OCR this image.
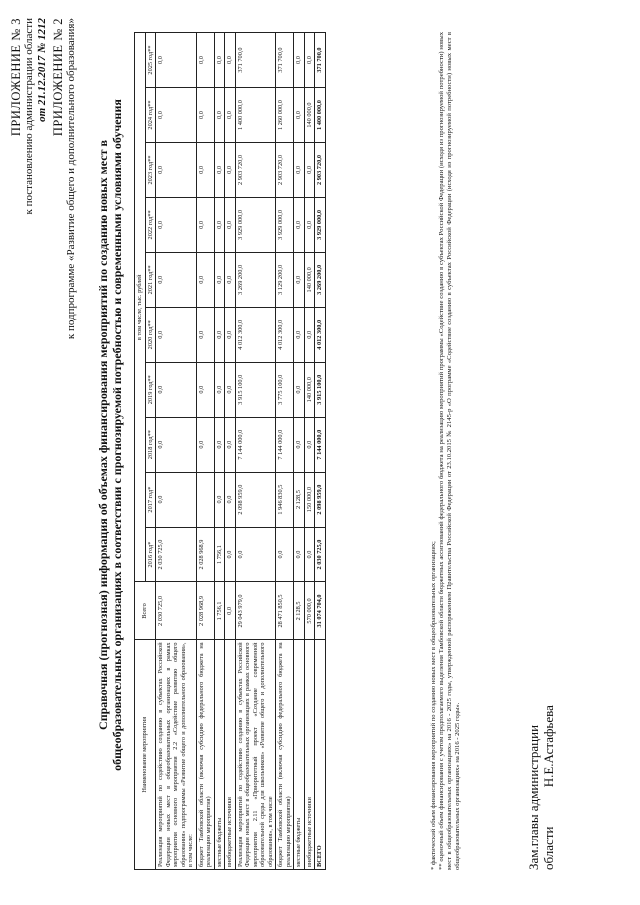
ПРИЛОЖЕНИЕ № 3 к постановлению администрации области от 21.12.2017 № 1212 ПРИЛОЖЕНИЕ № 2 к подпрограмме «Развитие общего и дополнительного образования» Справочная (прогнозная) информация об объемах финансирования мероприятий по созданию новых мест в общеобразовательных организациях в соответствии с прогнозируемой потребностью и современными условиями обучения	Наименование мероприятия	Всего	в том числе, тыс. рублей									
		2016 год*	2017 год*	2018 год**	2019 год**	2020 год**	2021 год**	2022 год**	2023 год**	2024 год**	2025 год**
Реализация мероприятий по содействию созданию в субъектах Российской Федерации новых мест в общеобразовательных организациях в рамках мероприятия основного мероприятия 2.2 «Содействие развитию общего образования» подпрограммы «Развитие общего и дополнительного образования», в том числе:	2 030 725,0	2 030 725,0	0,0	0,0	0,0	0,0	0,0	0,0	0,0	0,0	0,0
бюджет Тамбовской области (включая субсидию федерального бюджета на реализацию мероприятия)	2 028 968,9	2 028 968,9		0,0	0,0	0,0	0,0	0,0	0,0	0,0	0,0
местные бюджеты	1 756,1	1 756,1	0,0	0,0	0,0	0,0	0,0	0,0	0,0	0,0	0,0
внебюджетные источники	0,0	0,0	0,0	0,0	0,0	0,0	0,0	0,0	0,0	0,0	0,0
Реализация мероприятий по содействию созданию в субъектах Российской Федерации новых мест в общеобразовательных организациях в рамках основного мероприятия 2.11 «Приоритетный проект «Создание современной образовательной среды для школьников» «Развитие общего и дополнительного образования», в том числе	29 043 979,0	0,0	2 098 959,0	7 144 000,0	3 915 100,0	4 012 300,0	3 269 200,0	3 929 000,0	2 903 720,0	1 400 000,0	371 700,0
бюджет Тамбовской области (включая субсидию федерального бюджета на реализацию мероприятия)	28 471 850,5	0,0	1 946 830,5	7 144 000,0	3 775 100,0	4 012 300,0	3 129 200,0	3 929 000,0	2 903 720,0	1 260 000,0	371 700,0
местные бюджеты	2 128,5	0,0	2 128,5	0,0	0,0	0,0	0,0	0,0	0,0	0,0	0,0
внебюджетные источники	570 000,0	0,0	150 000,0	0,0	140 000,0	0,0	140 000,0	0,0	0,0	140 000,0	0,0
ВСЕГО	31 074 704,0	2 030 725,0	2 098 959,0	7 144 000,0	3 915 100,0	4 012 300,0	3 269 200,0	3 929 000,0	2 903 720,0	1 400 000,0	371 700,0
* фактический объем финансирования мероприятий по созданию новых мест в общеобразовательных организациях; ** оценочный объем финансирования с учетом предполагаемого выделения Тамбовской области бюджетных ассигнований федерального бюджета на реализацию мероприятий программы «Содействие созданию в субъектах Российской Федерации (исходя из прогнозируемой потребности) новых мест в общеобразовательных организациях» на 2016 - 2025 годы, утвержденной распоряжением Правительства Российской Федерации от 23.10.2015 № 2145-р «О программе «Содействие созданию в субъектах Российской Федерации (исходя из прогнозируемой потребности) новых мест в общеобразовательных организациях» на 2016 - 2025 годы».	Зам.главы администрации области Н.Е.Астафьева
